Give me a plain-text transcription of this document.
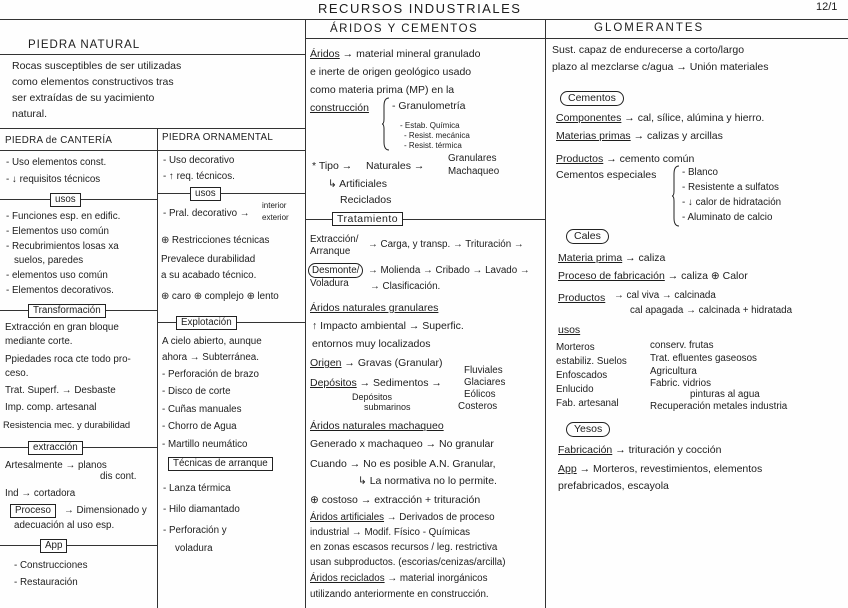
RECURSOS INDUSTRIALES	12/1
PIEDRA NATURAL
Rocas susceptibles de ser utilizadas
como elementos constructivos tras
ser extraídas de su yacimiento
natural.
PIEDRA de CANTERÍA
- Uso elementos const.
- ↓ requisitos técnicos
usos
- Funciones esp. en edific.
- Elementos uso común
- Recubrimientos losas xa
suelos, paredes
- elementos uso común
- Elementos decorativos.
Transformación
Extracción en gran bloque
mediante corte.
Ppiedades roca cte todo pro-
ceso.
Trat. Superf. → Desbaste
Imp. comp. artesanal
Resistencia mec. y durabilidad
extracción
Artesalmente → planos
dis cont.
Ind → cortadora
Proceso	→ Dimensionado y
adecuación al uso esp.
App
- Construcciones
- Restauración
PIEDRA ORNAMENTAL
- Uso decorativo
- ↑ req. técnicos.
usos
- Pral. decorativo →
interior
exterior
⊕ Restricciones técnicas
Prevalece durabilidad
a su acabado técnico.
⊕ caro ⊕ complejo ⊕ lento
Explotación
A cielo abierto, aunque
ahora → Subterránea.
- Perforación de brazo
- Disco de corte
- Cuñas manuales
- Chorro de Agua
- Martillo neumático
Técnicas de arranque
- Lanza térmica
- Hilo diamantado
- Perforación y
voladura
ÁRIDOS Y CEMENTOS
Áridos → material mineral granulado
e inerte de origen geológico usado
como materia prima (MP) en la
construcción - Granulometría
- Estab. Química
- Resist. mecánica
- Resist. térmica
* Tipo → Naturales →
Granulares
Machaqueo
↳ Artificiales
Reciclados
Tratamiento
Extracción/
Arranque
→ Carga, y transp. → Trituración →
Desmonte/
Voladura
→ Molienda → Cribado → Lavado →
→ Clasificación.
Áridos naturales granulares
↑ Impacto ambiental → Superfic.
entornos muy localizados
Origen → Gravas (Granular)
Depósitos → Sedimentos →
Fluviales
Glaciares
Eólicos
Costeros
Depósitos
submarinos
Áridos naturales machaqueo
Generado x machaqueo → No granular
Cuando → No es posible A.N. Granular,
↳ La normativa no lo permite.
⊕ costoso → extracción + trituración
Áridos artificiales → Derivados de proceso
industrial → Modif. Físico - Químicas
en zonas escasos recursos / leg. restrictiva
usan subproductos. (escorias/cenizas/arcilla)
Áridos reciclados → material inorgánicos
utilizando anteriormente en construcción.
GLOMERANTES
Sust. capaz de endurecerse a corto/largo
plazo al mezclarse c/agua → Unión materiales
Cementos
Componentes → cal, sílice, alúmina y hierro.
Materias primas → calizas y arcillas
Productos → cemento común
Cementos especiales	- Blanco
- Resistente a sulfatos
- ↓ calor de hidratación
- Aluminato de calcio
Cales
Materia prima → caliza
Proceso de fabricación → caliza ⊕ Calor
Productos → cal viva → calcinada
cal apagada → calcinada + hidratada
usos
Morteros
estabiliz. Suelos
Enfoscados
Enlucido
Fab. artesanal
conserv. frutas
Trat. efluentes gaseosos
Agricultura
Fabric. vidrios
pinturas al agua
Recuperación metales industria
Yesos
Fabricación → trituración y cocción
App → Morteros, revestimientos, elementos
prefabricados, escayola
